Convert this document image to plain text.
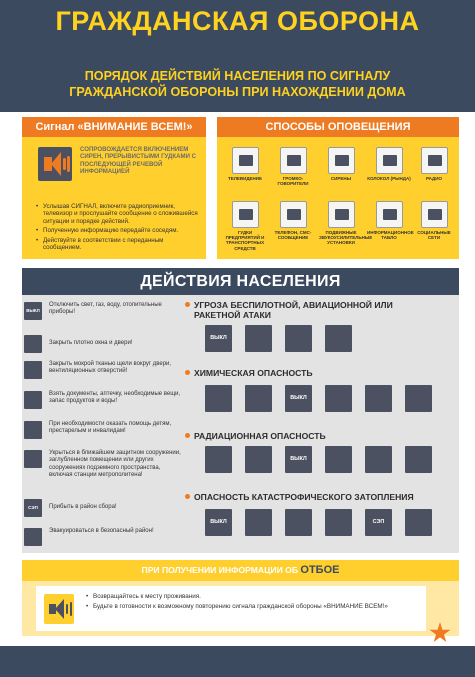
ГРАЖДАНСКАЯ ОБОРОНА
ПОРЯДОК ДЕЙСТВИЙ НАСЕЛЕНИЯ ПО СИГНАЛУ
ГРАЖДАНСКОЙ ОБОРОНЫ ПРИ НАХОЖДЕНИИ ДОМА
Сигнал «ВНИМАНИЕ ВСЕМ!»
СОПРОВОЖДАЕТСЯ ВКЛЮЧЕНИЕМ СИРЕН, ПРЕРЫВИСТЫМИ ГУДКАМИ С ПОСЛЕДУЮЩЕЙ РЕЧЕВОЙ ИНФОРМАЦИЕЙ
• Услышав СИГНАЛ, включите радиоприемник, телевизор и прослушайте сообщение о сложившейся ситуации и порядке действий.
• Полученную информацию передайте соседям.
• Действуйте в соответствии с переданным сообщением.
СПОСОБЫ ОПОВЕЩЕНИЯ
ТЕЛЕВИДЕНИЕ	ГРОМКО-ГОВОРИТЕЛИ
СИРЕНЫ	КОЛОКОЛ (РЫНДА)	РАДИО
ГУДКИ ПРЕДПРИЯТИЙ И ТРАНСПОРТНЫХ СРЕДСТВ
ТЕЛЕФОН, СМС-СООБЩЕНИЕ
ПОДВИЖНЫЕ ЗВУКОУСИЛИТЕЛЬНЫЕ УСТАНОВКИ
ИНФОРМАЦИОННОЕ ТАБЛО
СОЦИАЛЬНЫЕ СЕТИ
ДЕЙСТВИЯ НАСЕЛЕНИЯ
ВЫКЛ
Отключить свет, газ, воду, отопительные приборы!
Закрыть плотно окна и двери!
Закрыть мокрой тканью щели вокруг двери, вентиляционных отверстий!
Взять документы, аптечку, необходимые вещи, запас продуктов и воды!
При необходимости оказать помощь детям, престарелым и инвалидам!
Укрыться в ближайшем защитном сооружении, заглубленном помещении или других сооружениях подземного пространства, включая станции метрополитена!
СЭП	Прибыть в район сбора!
Эвакуироваться в безопасный район!
УГРОЗА БЕСПИЛОТНОЙ, АВИАЦИОННОЙ ИЛИ РАКЕТНОЙ АТАКИ
ВЫКЛ
ХИМИЧЕСКАЯ ОПАСНОСТЬ
ВЫКЛ
РАДИАЦИОННАЯ ОПАСНОСТЬ
ВЫКЛ
ОПАСНОСТЬ КАТАСТРОФИЧЕСКОГО ЗАТОПЛЕНИЯ
ВЫКЛ	СЭП
ПРИ ПОЛУЧЕНИИ ИНФОРМАЦИИ ОБ ОТБОЕ
• Возвращайтесь к месту проживания.
• Будьте в готовности к возможному повторению сигнала гражданской обороны «ВНИМАНИЕ ВСЕМ!»
